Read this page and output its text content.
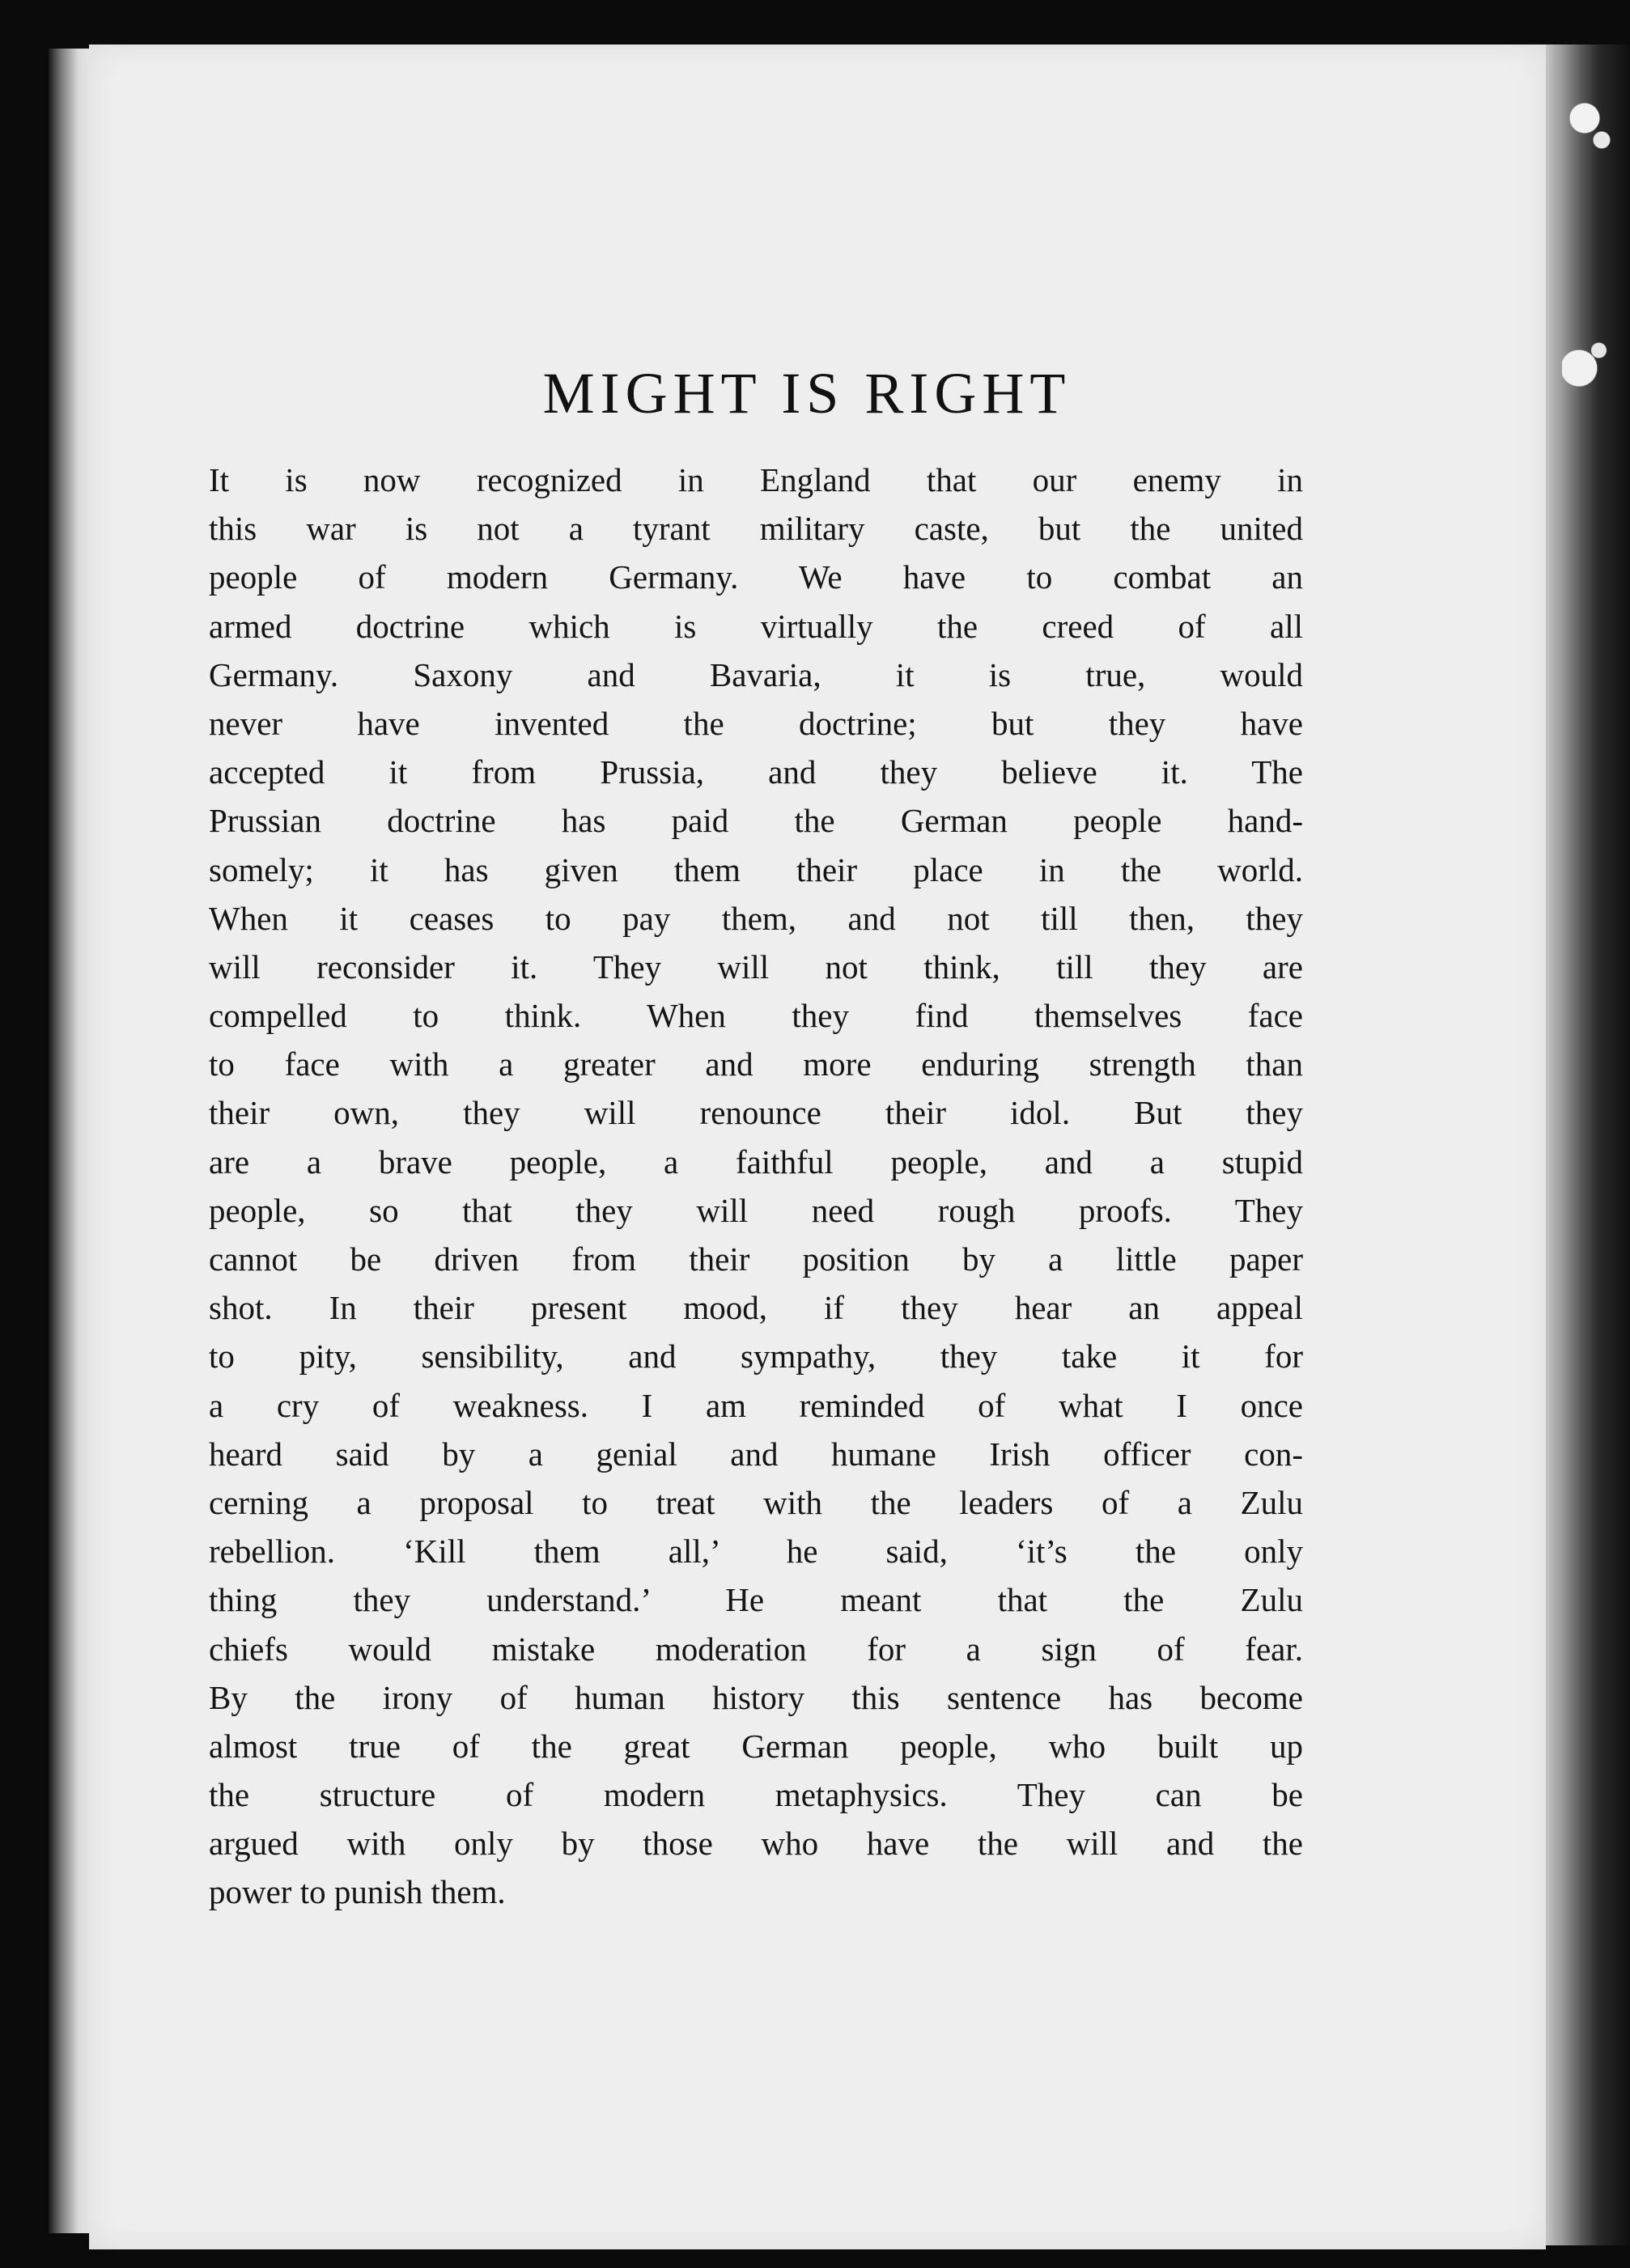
MIGHT IS RIGHT
It is now recognized in England that our enemy in
this war is not a tyrant military caste, but the united
people of modern Germany. We have to combat an
armed doctrine which is virtually the creed of all
Germany. Saxony and Bavaria, it is true, would
never have invented the doctrine; but they have
accepted it from Prussia, and they believe it. The
Prussian doctrine has paid the German people hand-
somely; it has given them their place in the world.
When it ceases to pay them, and not till then, they
will reconsider it. They will not think, till they are
compelled to think. When they find themselves face
to face with a greater and more enduring strength than
their own, they will renounce their idol. But they
are a brave people, a faithful people, and a stupid
people, so that they will need rough proofs. They
cannot be driven from their position by a little paper
shot. In their present mood, if they hear an appeal
to pity, sensibility, and sympathy, they take it for
a cry of weakness. I am reminded of what I once
heard said by a genial and humane Irish officer con-
cerning a proposal to treat with the leaders of a Zulu
rebellion. ‘Kill them all,’ he said, ‘it’s the only
thing they understand.’ He meant that the Zulu
chiefs would mistake moderation for a sign of fear.
By the irony of human history this sentence has become
almost true of the great German people, who built up
the structure of modern metaphysics. They can be
argued with only by those who have the will and the
power to punish them.
